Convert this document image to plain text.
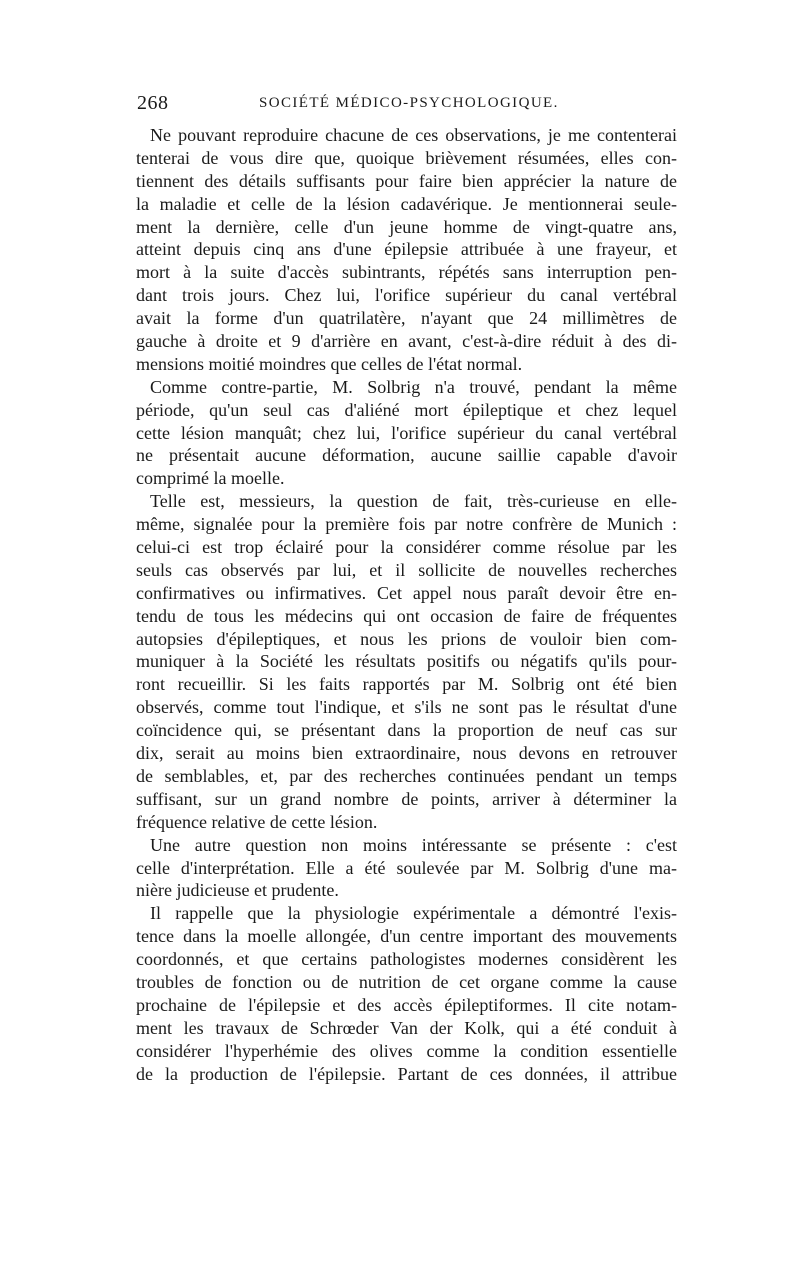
268	SOCIÉTÉ MÉDICO-PSYCHOLOGIQUE.
Ne pouvant reproduire chacune de ces observations, je me contenterai
tenterai de vous dire que, quoique brièvement résumées, elles con-
tiennent des détails suffisants pour faire bien apprécier la nature de
la maladie et celle de la lésion cadavérique. Je mentionnerai seule-
ment la dernière, celle d'un jeune homme de vingt-quatre ans,
atteint depuis cinq ans d'une épilepsie attribuée à une frayeur, et
mort à la suite d'accès subintrants, répétés sans interruption pen-
dant trois jours. Chez lui, l'orifice supérieur du canal vertébral
avait la forme d'un quatrilatère, n'ayant que 24 millimètres de
gauche à droite et 9 d'arrière en avant, c'est-à-dire réduit à des di-
mensions moitié moindres que celles de l'état normal.
Comme contre-partie, M. Solbrig n'a trouvé, pendant la même
période, qu'un seul cas d'aliéné mort épileptique et chez lequel
cette lésion manquât; chez lui, l'orifice supérieur du canal vertébral
ne présentait aucune déformation, aucune saillie capable d'avoir
comprimé la moelle.
Telle est, messieurs, la question de fait, très-curieuse en elle-
même, signalée pour la première fois par notre confrère de Munich :
celui-ci est trop éclairé pour la considérer comme résolue par les
seuls cas observés par lui, et il sollicite de nouvelles recherches
confirmatives ou infirmatives. Cet appel nous paraît devoir être en-
tendu de tous les médecins qui ont occasion de faire de fréquentes
autopsies d'épileptiques, et nous les prions de vouloir bien com-
muniquer à la Société les résultats positifs ou négatifs qu'ils pour-
ront recueillir. Si les faits rapportés par M. Solbrig ont été bien
observés, comme tout l'indique, et s'ils ne sont pas le résultat d'une
coïncidence qui, se présentant dans la proportion de neuf cas sur
dix, serait au moins bien extraordinaire, nous devons en retrouver
de semblables, et, par des recherches continuées pendant un temps
suffisant, sur un grand nombre de points, arriver à déterminer la
fréquence relative de cette lésion.
Une autre question non moins intéressante se présente : c'est
celle d'interprétation. Elle a été soulevée par M. Solbrig d'une ma-
nière judicieuse et prudente.
Il rappelle que la physiologie expérimentale a démontré l'exis-
tence dans la moelle allongée, d'un centre important des mouvements
coordonnés, et que certains pathologistes modernes considèrent les
troubles de fonction ou de nutrition de cet organe comme la cause
prochaine de l'épilepsie et des accès épileptiformes. Il cite notam-
ment les travaux de Schrœder Van der Kolk, qui a été conduit à
considérer l'hyperhémie des olives comme la condition essentielle
de la production de l'épilepsie. Partant de ces données, il attribue
